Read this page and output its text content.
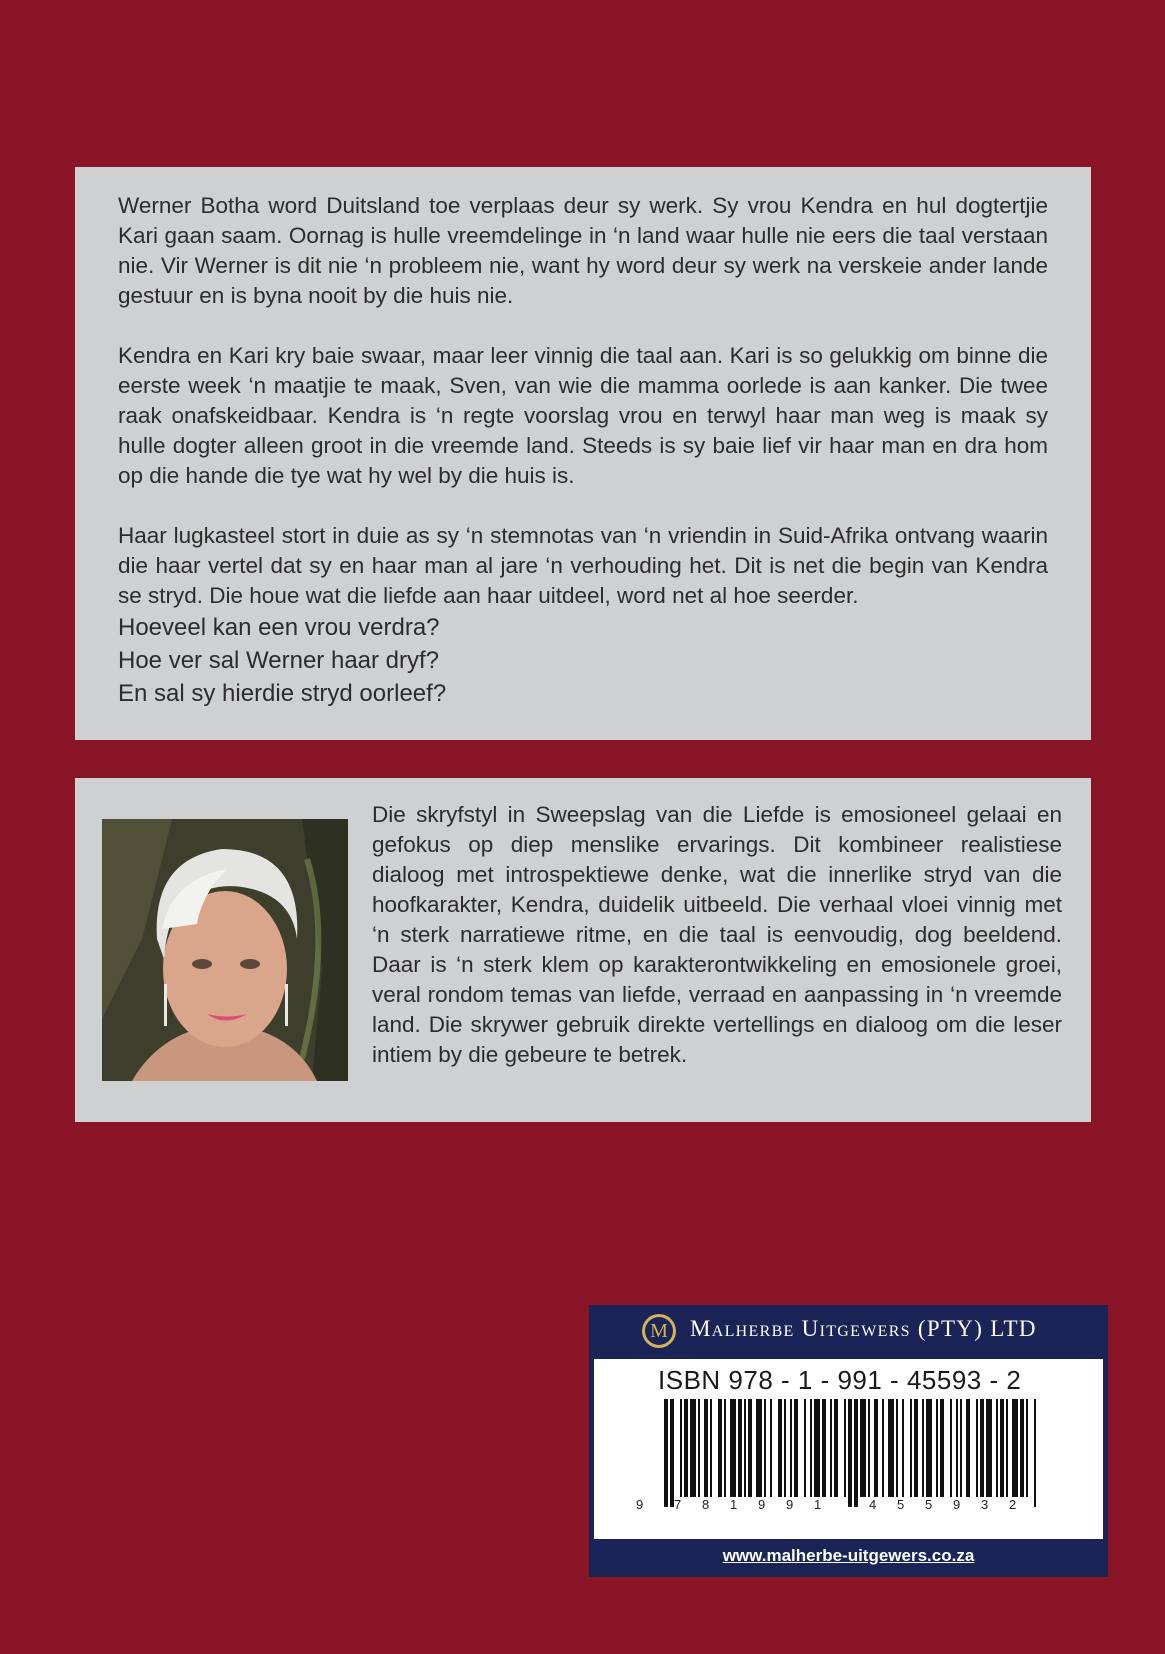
Werner Botha word Duitsland toe verplaas deur sy werk. Sy vrou Kendra en hul dogtertjie Kari gaan saam. Oornag is hulle vreemdelinge in ‘n land waar hulle nie eers die taal verstaan nie. Vir Werner is dit nie ‘n probleem nie, want hy word deur sy werk na verskeie ander lande gestuur en is byna nooit by die huis nie.

Kendra en Kari kry baie swaar, maar leer vinnig die taal aan. Kari is so gelukkig om binne die eerste week ‘n maatjie te maak, Sven, van wie die mamma oorlede is aan kanker. Die twee raak onafskeidbaar. Kendra is ‘n regte voorslag vrou en terwyl haar man weg is maak sy hulle dogter alleen groot in die vreemde land. Steeds is sy baie lief vir haar man en dra hom op die hande die tye wat hy wel by die huis is.

Haar lugkasteel stort in duie as sy ‘n stemnotas van ‘n vriendin in Suid-Afrika ontvang waarin die haar vertel dat sy en haar man al jare ‘n verhouding het. Dit is net die begin van Kendra se stryd. Die houe wat die liefde aan haar uitdeel, word net al hoe seerder.

Hoeveel kan een vrou verdra?
Hoe ver sal Werner haar dryf?
En sal sy hierdie stryd oorleef?

Die skryfstyl in Sweepslag van die Liefde is emosioneel gelaai en gefokus op diep menslike ervarings. Dit kombineer realistiese dialoog met introspektiewe denke, wat die innerlike stryd van die hoofkarakter, Kendra, duidelik uitbeeld. Die verhaal vloei vinnig met ‘n sterk narratiewe ritme, en die taal is eenvoudig, dog beeldend. Daar is ‘n sterk klem op karakterontwikkeling en emosionele groei, veral rondom temas van liefde, verraad en aanpassing in ‘n vreemde land. Die skrywer gebruik direkte vertellings en dialoog om die leser intiem by die gebeure te betrek.

M Malherbe Uitgewers (PTY) LTD
ISBN 978 - 1 - 991 - 45593 - 2
9 7 8 1 9 9 1	4 5 5 9 3 2
www.malherbe-uitgewers.co.za
